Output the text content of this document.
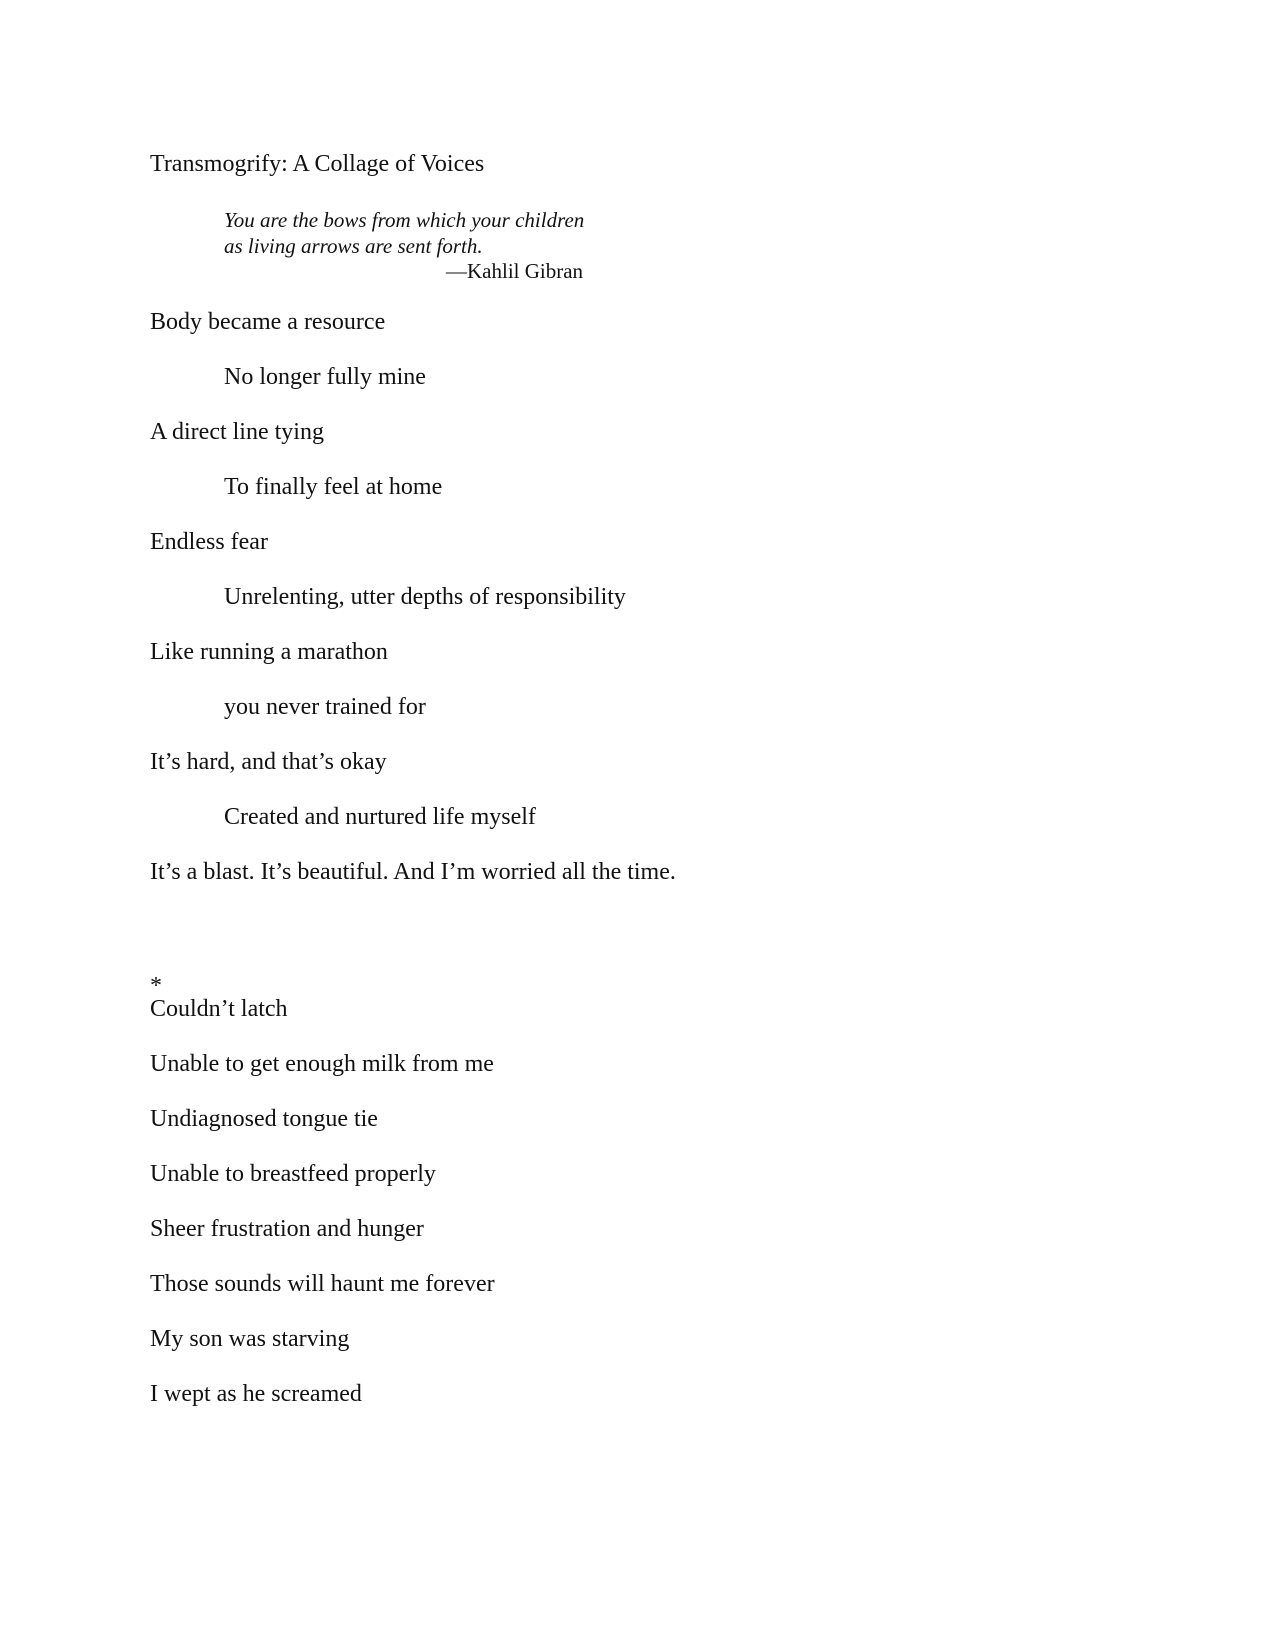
Transmogrify: A Collage of Voices
You are the bows from which your children
as living arrows are sent forth.
—Kahlil Gibran
Body became a resource
No longer fully mine
A direct line tying
To finally feel at home
Endless fear
Unrelenting, utter depths of responsibility
Like running a marathon
you never trained for
It’s hard, and that’s okay
Created and nurtured life myself
It’s a blast. It’s beautiful. And I’m worried all the time.
*
Couldn’t latch
Unable to get enough milk from me
Undiagnosed tongue tie
Unable to breastfeed properly
Sheer frustration and hunger
Those sounds will haunt me forever
My son was starving
I wept as he screamed
